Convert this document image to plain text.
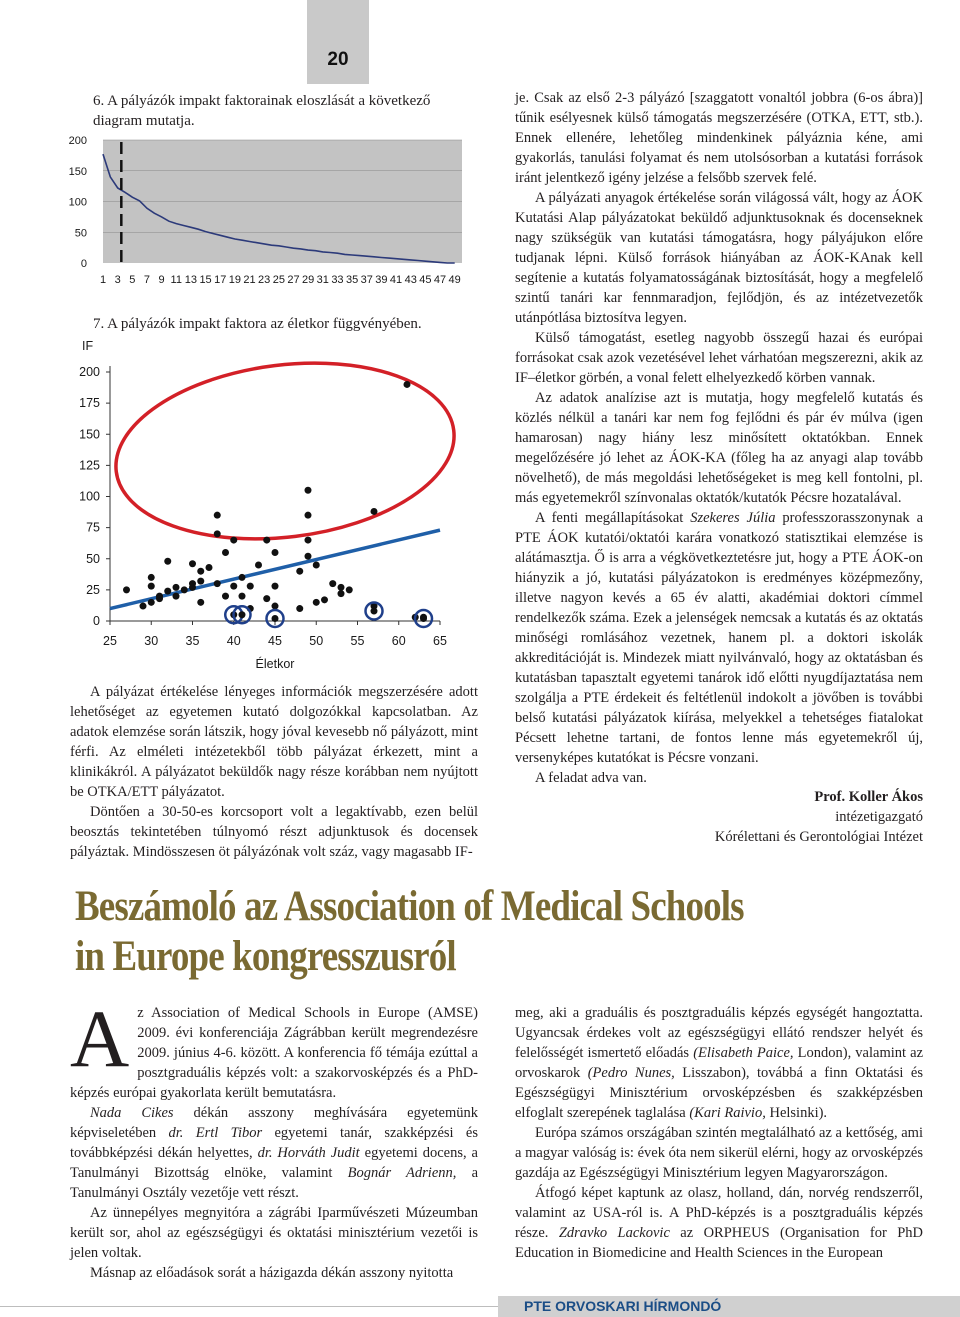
20

6. A pályázók impakt faktorainak eloszlását a következő diagram mutatja.

200
150
100
50
0
1 3 5 7 9 11 13 15 17 19 21 23 25 27 29 31 33 35 37 39 41 43 45 47 49

7. A pályázók impakt faktora az életkor függvényében.

IF
200
175
150
125
100
75
50
25
0
25 30 35 40 45 50 55 60 65
Életkor

A pályázat értékelése lényeges információk megszerzésére adott lehetőséget az egyetemen kutató dolgozókkal kapcsolatban. Az adatok elemzése során látszik, hogy jóval kevesebb nő pályázott, mint férfi. Az elméleti intézetekből több pályázat érkezett, mint a klinikákról. A pályázatot beküldők nagy része korábban nem nyújtott be OTKA/ETT pályázatot.

Döntően a 30-50-es korcsoport volt a legaktívabb, ezen belül beosztás tekintetében túlnyomó részt adjunktusok és docensek pályáztak. Mindösszesen öt pályázónak volt száz, vagy magasabb IF-

je. Csak az első 2-3 pályázó [szaggatott vonaltól jobbra (6-os ábra)] tűnik esélyesnek külső támogatás megszerzésére (OTKA, ETT, stb.). Ennek ellenére, lehetőleg mindenkinek pályáznia kéne, ami gyakorlás, tanulási folyamat és nem utolsósorban a kutatási források iránt jelentkező igény jelzése a felsőbb szervek felé.

A pályázati anyagok értékelése során világossá vált, hogy az ÁOK Kutatási Alap pályázatokat beküldő adjunktusoknak és docenseknek nagy szükségük van kutatási támogatásra, hogy pályájukon előre tudjanak lépni. Külső források hiányában az ÁOK-KAnak kell segítenie a kutatás folyamatosságának biztosítását, hogy a megfelelő szintű tanári kar fennmaradjon, fejlődjön, és az intézetvezetők utánpótlása biztosítva legyen.

Külső támogatást, esetleg nagyobb összegű hazai és európai forrásokat csak azok vezetésével lehet várhatóan megszerezni, akik az IF–életkor görbén, a vonal felett elhelyezkedő körben vannak.

Az adatok analízise azt is mutatja, hogy megfelelő kutatás és közlés nélkül a tanári kar nem fog fejlődni és pár év múlva (igen hamarosan) nagy hiány lesz minősített oktatókban. Ennek megelőzésére jó lehet az ÁOK-KA (főleg ha az anyagi alap tovább növelhető), de más megoldási lehetőségeket is meg kell fontolni, pl. más egyetemekről színvonalas oktatók/kutatók Pécsre hozatalával.

A fenti megállapításokat Szekeres Júlia professzorasszonynak a PTE ÁOK kutatói/oktatói karára vonatkozó statisztikai elemzése is alátámasztja. Ő is arra a végkövetkeztetésre jut, hogy a PTE ÁOK-on hiányzik a jó, kutatási pályázatokon is eredményes középmezőny, illetve nagyon kevés a 65 év alatti, akadémiai doktori címmel rendelkezők száma. Ezek a jelenségek nemcsak a kutatás és az oktatás minőségi romlásához vezetnek, hanem pl. a doktori iskolák akkreditációját is. Mindezek miatt nyilvánvaló, hogy az oktatásban és kutatásban tapasztalt egyetemi tanárok idő előtti nyugdíjaztatása nem szolgálja a PTE érdekeit és feltétlenül indokolt a jövőben is további belső kutatási pályázatok kiírása, melyekkel a tehetséges fiatalokat Pécsett lehetne tartani, de fontos lenne más egyetemekről új, versenyképes kutatókat is Pécsre vonzani.

A feladat adva van.

Prof. Koller Ákos
intézetigazgató
Kórélettani és Gerontológiai Intézet
Beszámoló az Association of Medical Schools
in Europe kongresszusról

Az Association of Medical Schools in Europe (AMSE) 2009. évi konferenciája Zágrábban került megrendezésre 2009. június 4-6. között. A konferencia fő témája ezúttal a posztgraduális képzés volt: a szakorvosképzés és a PhD- képzés európai gyakorlata került bemutatásra.

Nada Cikes dékán asszony meghívására egyetemünk képviseletében dr. Ertl Tibor egyetemi tanár, szakképzési és továbbképzési dékán helyettes, dr. Horváth Judit egyetemi docens, a Tanulmányi Bizottság elnöke, valamint Bognár Adrienn, a Tanulmányi Osztály vezetője vett részt.

Az ünnepélyes megnyitóra a zágrábi Iparművészeti Múzeumban került sor, ahol az egészségügyi és oktatási minisztérium vezetői is jelen voltak.

Másnap az előadások sorát a házigazda dékán asszony nyitotta

meg, aki a graduális és posztgraduális képzés egységét hangoztatta. Ugyancsak érdekes volt az egészségügyi ellátó rendszer helyét és felelősségét ismertető előadás (Elisabeth Paice, London), valamint az orvoskarok (Pedro Nunes, Lisszabon), továbbá a finn Oktatási és Egészségügyi Minisztérium orvosképzésben és szakképzésben elfoglalt szerepének taglalása (Kari Raivio, Helsinki).

Európa számos országában szintén megtalálható az a kettőség, ami a magyar valóság is: évek óta nem sikerül elérni, hogy az orvosképzés gazdája az Egészségügyi Minisztérium legyen Magyarországon.

Átfogó képet kaptunk az olasz, holland, dán, norvég rendszerről, valamint az USA-ról is. A PhD-képzés is a posztgraduális képzés része. Zdravko Lackovic az ORPHEUS (Organisation for PhD Education in Biomedicine and Health Sciences in the European

PTE ORVOSKARI HÍRMONDÓ
